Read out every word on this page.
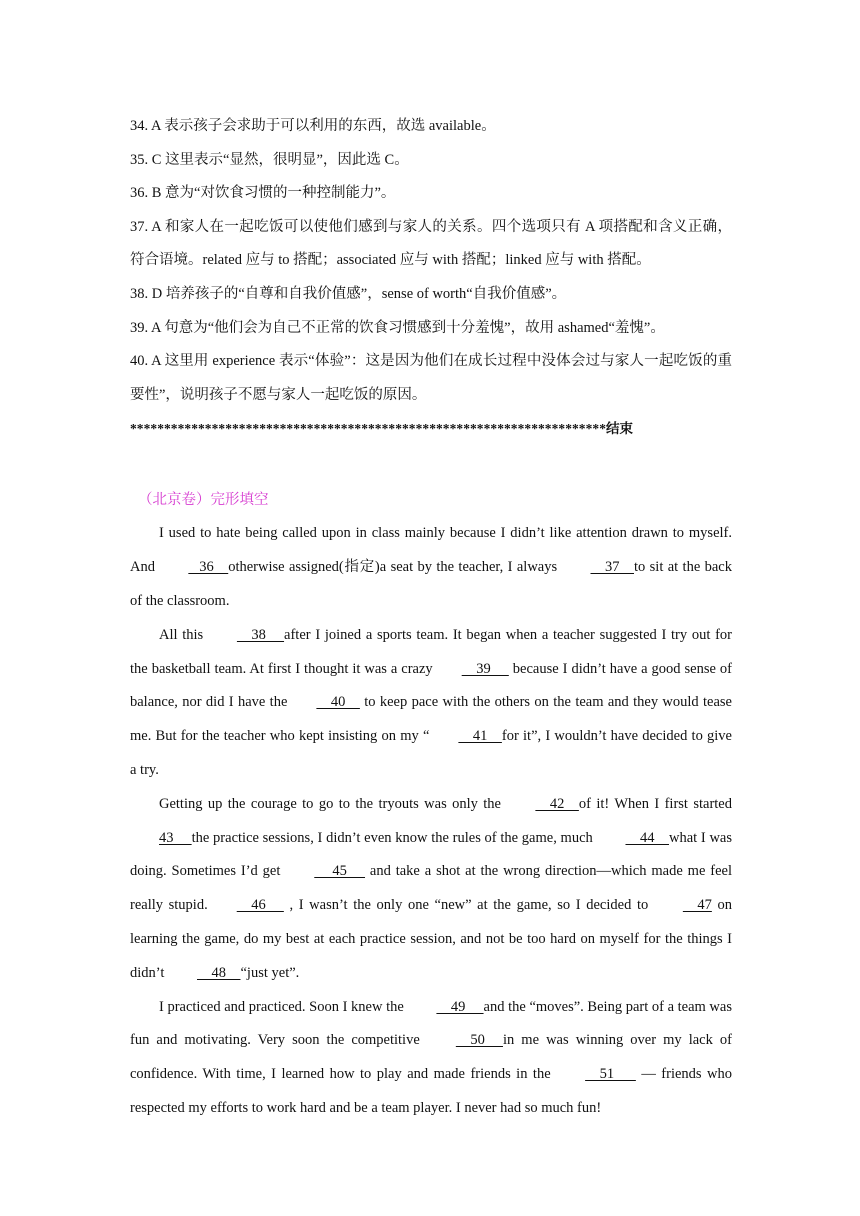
34. A 表示孩子会求助于可以利用的东西，故选 available。

35. C 这里表示“显然，很明显”，因此选 C。

36. B 意为“对饮食习惯的一种控制能力”。

37. A 和家人在一起吃饭可以使他们感到与家人的关系。四个选项只有 A 项搭配和含义正确，符合语境。related 应与 to 搭配；associated 应与 with 搭配；linked 应与 with 搭配。

38. D 培养孩子的“自尊和自我价值感”，sense of worth“自我价值感”。

39. A 句意为“他们会为自己不正常的饮食习惯感到十分羞愧”，故用 ashamed“羞愧”。

40. A 这里用 experience 表示“体验”：这是因为他们在成长过程中没体会过与家人一起吃饭的重要性”，说明孩子不愿与家人一起吃饭的原因。

**********************************************************************结束
（北京卷）完形填空

I used to hate being called upon in class mainly because I didn’t like attention drawn to myself. And    36    otherwise assigned(指定)a seat by the teacher, I always     37    to sit at the back of the classroom.

All this     38     after I joined a sports team. It began when a teacher suggested I try out for the basketball team. At first I thought it was a crazy    39      because I didn’t have a good sense of balance, nor did I have the    40     to keep pace with the others on the team and they would tease me. But for the teacher who kept insisting on my “    41    for it”, I wouldn’t have decided to give a try.

Getting up the courage to go to the tryouts was only the     42    of it! When I first started 43     the practice sessions, I didn’t even know the rules of the game, much     44    what I was doing. Sometimes I’d get      45      and take a shot at the wrong direction—which made me feel really stupid.    46      , I wasn’t the only one “new” at the game, so I decided to     47 on learning the game, do my best at each practice session, and not be too hard on myself for the things I didn’t     48    “just yet”.

I practiced and practiced. Soon I knew the     49     and the “moves”. Being part of a team was fun and motivating. Very soon the competitive     50     in me was winning over my lack of confidence. With time, I learned how to play and made friends in the     51       — friends who respected my efforts to work hard and be a team player. I never had so much fun!
